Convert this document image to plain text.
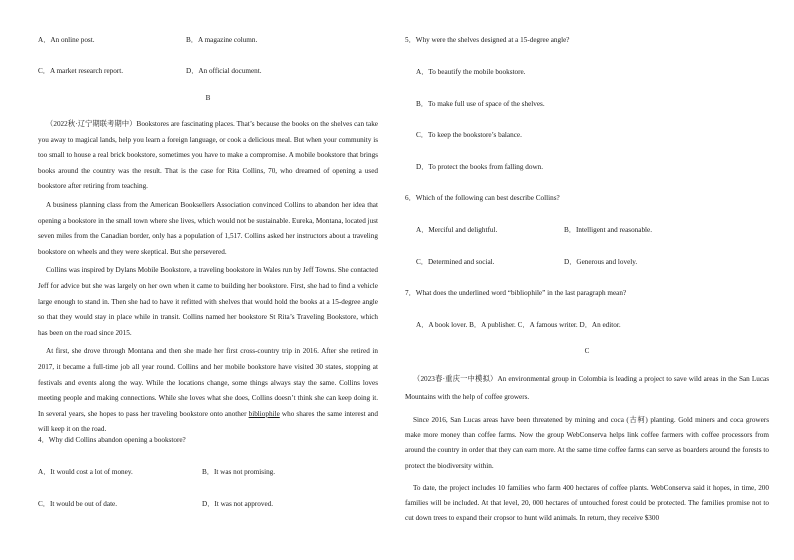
A．An online post.	B．A magazine column.
C．A market research report.	D．An official document.
B

（2022秋·辽宁期联考期中）Bookstores are fascinating places. That’s because the books on the shelves can take you away to magical lands, help you learn a foreign language, or cook a delicious meal. But when your community is too small to house a real brick bookstore, sometimes you have to make a compromise. A mobile bookstore that brings books around the country was the result. That is the case for Rita Collins, 70, who dreamed of opening a used bookstore after retiring from teaching.

A business planning class from the American Booksellers Association convinced Collins to abandon her idea that opening a bookstore in the small town where she lives, which would not be sustainable. Eureka, Montana, located just seven miles from the Canadian border, only has a population of 1,517. Collins asked her instructors about a traveling bookstore on wheels and they were skeptical. But she persevered.

Collins was inspired by Dylans Mobile Bookstore, a traveling bookstore in Wales run by Jeff Towns. She contacted Jeff for advice but she was largely on her own when it came to building her bookstore. First, she had to find a vehicle large enough to stand in. Then she had to have it refitted with shelves that would hold the books at a 15-degree angle so that they would stay in place while in transit. Collins named her bookstore St Rita’s Traveling Bookstore, which has been on the road since 2015.

At first, she drove through Montana and then she made her first cross-country trip in 2016. After she retired in 2017, it became a full-time job all year round. Collins and her mobile bookstore have visited 30 states, stopping at festivals and events along the way. While the locations change, some things always stay the same. Collins loves meeting people and making connections. While she loves what she does, Collins doesn’t think she can keep doing it. In several years, she hopes to pass her traveling bookstore onto another bibliophile who shares the same interest and will keep it on the road.

4．Why did Collins abandon opening a bookstore?
A．It would cost a lot of money.	B．It was not promising.
C．It would be out of date.	D．It was not approved.
5．Why were the shelves designed at a 15-degree angle?
A．To beautify the mobile bookstore.
B．To make full use of space of the shelves.
C．To keep the bookstore’s balance.
D．To protect the books from falling down.
6．Which of the following can best describe Collins?
A．Merciful and delightful.	B．Intelligent and reasonable.
C．Determined and social.	D．Generous and lovely.
7．What does the underlined word “bibliophile” in the last paragraph mean?
A．A book lover. B．A publisher. C．A famous writer. D．An editor.
C

（2023春·重庆一中模拟）An environmental group in Colombia is leading a project to save wild areas in the San Lucas Mountains with the help of coffee growers.

Since 2016, San Lucas areas have been threatened by mining and coca (古柯) planting. Gold miners and coca growers make more money than coffee farms. Now the group WebConserva helps link coffee farmers with coffee processors from around the country in order that they can earn more. At the same time coffee farms can serve as boarders around the forests to protect the biodiversity within.

To date, the project includes 10 families who farm 400 hectares of coffee plants. WebConserva said it hopes, in time, 200 families will be included. At that level, 20, 000 hectares of untouched forest could be protected. The families promise not to cut down trees to expand their cropsor to hunt wild animals. In return, they receive $300
